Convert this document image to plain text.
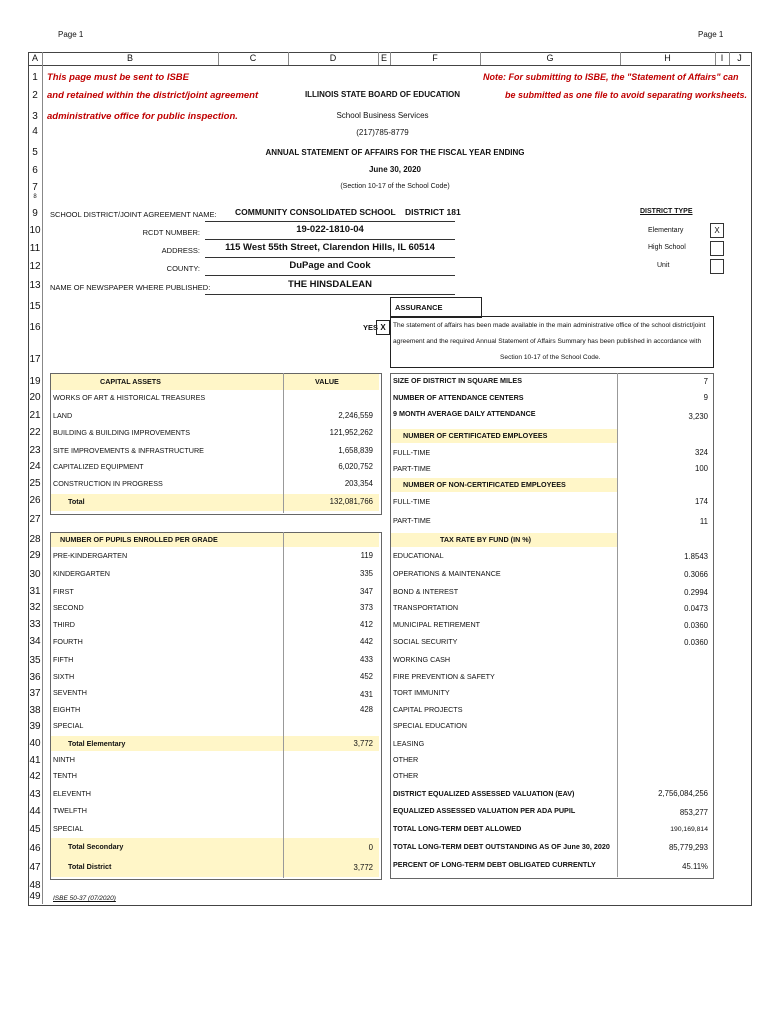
Page 1	Page 1
A	B	C	D	E	F	G	H	I	J
1
2
3
4
5
6
7
8
9
10
11
12
13
15
16
17
19
20
21
22
23
24
25
26
27
28
29
30
31
32
33
34
35
36
37
38
39
40
41
42
43
44
45
46
47
48
49
This page must be sent to ISBE
and retained within the district/joint agreement
administrative office for public inspection.
Note: For submitting to ISBE, the "Statement of Affairs" can
be submitted as one file to avoid separating worksheets.
ILLINOIS STATE BOARD OF EDUCATION
School Business Services
(217)785-8779
ANNUAL STATEMENT OF AFFAIRS FOR THE FISCAL YEAR ENDING
June 30, 2020
(Section 10-17 of the School Code)
SCHOOL DISTRICT/JOINT AGREEMENT NAME: COMMUNITY CONSOLIDATED SCHOOL DISTRICT 181
RCDT NUMBER:	19-022-1810-04
ADDRESS:	115 West 55th Street, Clarendon Hills, IL 60514
COUNTY:	DuPage and Cook
NAME OF NEWSPAPER WHERE PUBLISHED:	THE HINSDALEAN
DISTRICT TYPE
Elementary	X
High School
Unit
ASSURANCE
YES X	The statement of affairs has been made available in the main administrative office of the school district/joint
agreement and the required Annual Statement of Affairs Summary has been published in accordance with
Section 10-17 of the School Code.
CAPITAL ASSETS	VALUE
WORKS OF ART & HISTORICAL TREASURES
LAND	2,246,559
BUILDING & BUILDING IMPROVEMENTS	121,952,262
SITE IMPROVEMENTS & INFRASTRUCTURE	1,658,839
CAPITALIZED EQUIPMENT	6,020,752
CONSTRUCTION IN PROGRESS	203,354
Total	132,081,766
NUMBER OF PUPILS ENROLLED PER GRADE
PRE-KINDERGARTEN	119
KINDERGARTEN	335
FIRST	347
SECOND	373
THIRD	412
FOURTH	442
FIFTH	433
SIXTH	452
SEVENTH	431
EIGHTH	428
SPECIAL
Total Elementary	3,772
NINTH
TENTH
ELEVENTH
TWELFTH
SPECIAL
Total Secondary	0
Total District	3,772
SIZE OF DISTRICT IN SQUARE MILES	7
NUMBER OF ATTENDANCE CENTERS	9
9 MONTH AVERAGE DAILY ATTENDANCE	3,230
NUMBER OF CERTIFICATED EMPLOYEES
FULL-TIME	324
PART-TIME	100
NUMBER OF NON-CERTIFICATED EMPLOYEES
FULL-TIME	174
PART-TIME	11
TAX RATE BY FUND (IN %)
EDUCATIONAL	1.8543
OPERATIONS & MAINTENANCE	0.3066
BOND & INTEREST	0.2994
TRANSPORTATION	0.0473
MUNICIPAL RETIREMENT	0.0360
SOCIAL SECURITY	0.0360
WORKING CASH
FIRE PREVENTION & SAFETY
TORT IMMUNITY
CAPITAL PROJECTS
SPECIAL EDUCATION
LEASING
OTHER
OTHER
DISTRICT EQUALIZED ASSESSED VALUATION (EAV)	2,756,084,256
EQUALIZED ASSESSED VALUATION PER ADA PUPIL	853,277
TOTAL LONG-TERM DEBT ALLOWED	190,169,814
TOTAL LONG-TERM DEBT OUTSTANDING AS OF June 30, 2020	85,779,293
PERCENT OF LONG-TERM DEBT OBLIGATED CURRENTLY	45.11%
ISBE 50-37 (07/2020)
